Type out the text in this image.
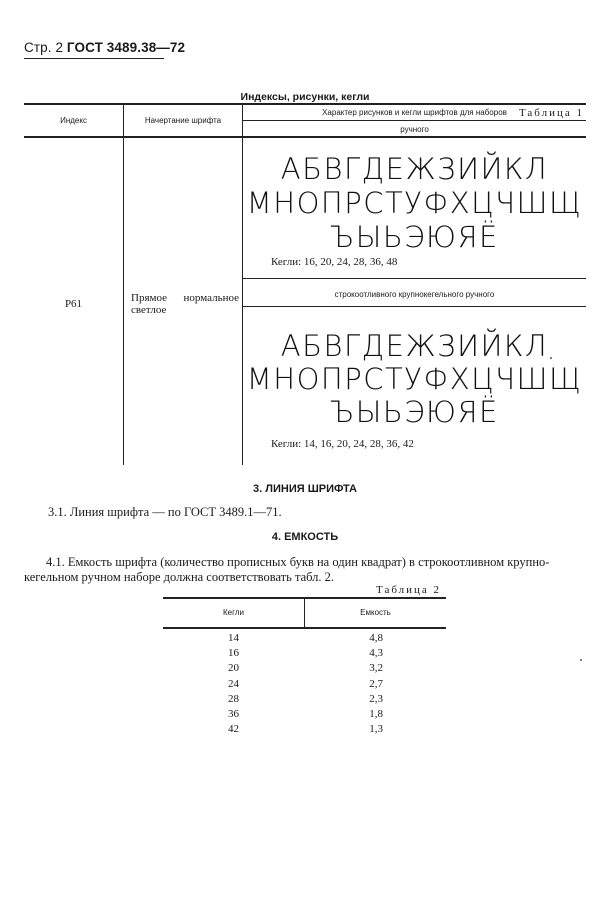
Стр. 2 ГОСТ 3489.38—72
Таблица 1
Индексы, рисунки, кегли
Индекс	Начертание шрифта
Характер рисунков и кегли шрифтов для наборов
ручного
строкоотливного крупнокегельного ручного
Р61	Прямое нормальное светлое
АБВГДЕЖЗИЙКЛ
МНОПРСТУФХЦЧШЩ
ЪЫЬЭЮЯЁ
Кегли: 16, 20, 24, 28, 36, 48
АБВГДЕЖЗИЙКЛ
МНОПРСТУФХЦЧШЩ
ЪЫЬЭЮЯЁ
Кегли: 14, 16, 20, 24, 28, 36, 42
3. ЛИНИЯ ШРИФТА
3.1. Линия шрифта — по ГОСТ 3489.1—71.
4. ЕМКОСТЬ
4.1. Емкость шрифта (количество прописных букв на один квадрат) в строкоотливном крупно-
кегельном ручном наборе должна соответствовать табл. 2.
Таблица 2
Кегли	Емкость
14	4,8
16	4,3
20	3,2
24	2,7
28	2,3
36	1,8
42	1,3
